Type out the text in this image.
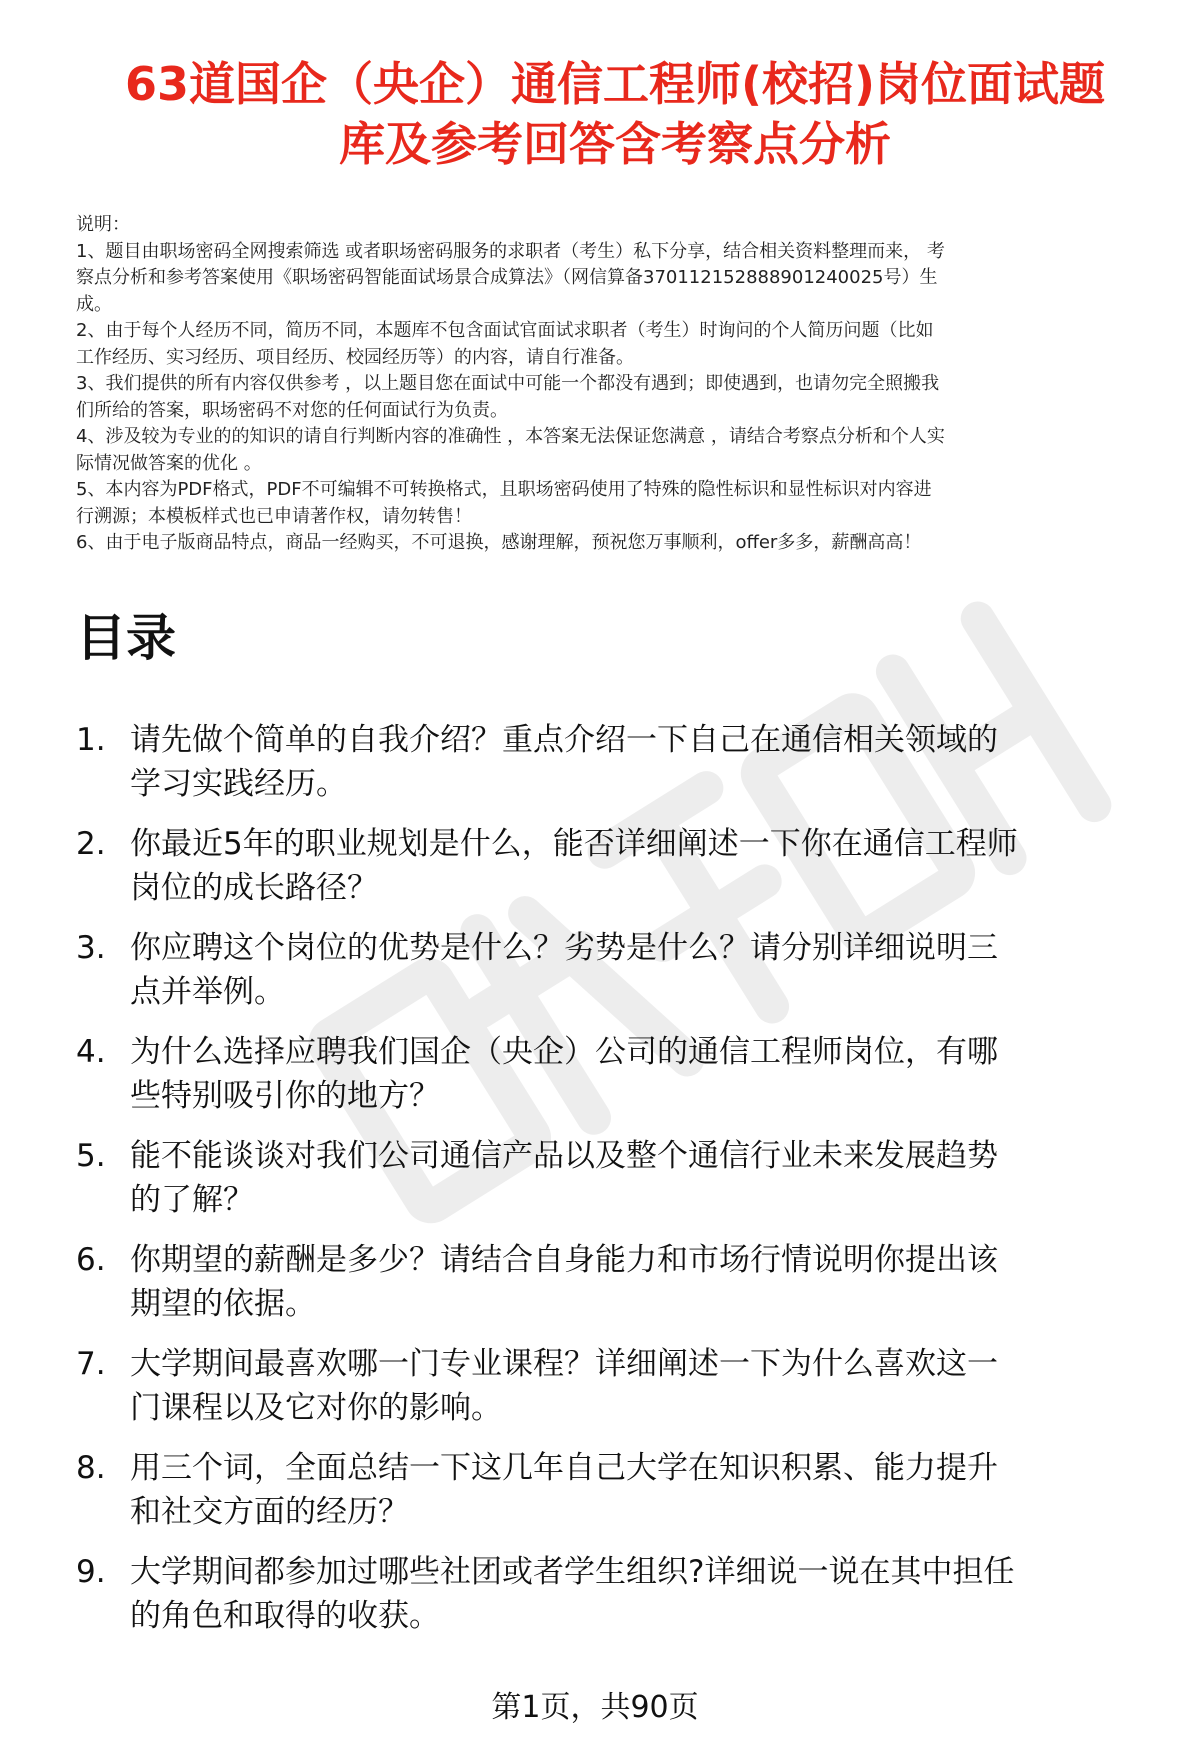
63道国企（央企）通信工程师(校招)岗位面试题
库及参考回答含考察点分析

说明：

1、题目由职场密码全网搜索筛选 或者职场密码服务的求职者（考生）私下分享，结合相关资料整理而来， 考

察点分析和参考答案使用《职场密码智能面试场景合成算法》（网信算备370112152888901240025号）生

成。

2、由于每个人经历不同，简历不同，本题库不包含面试官面试求职者（考生）时询问的个人简历问题（比如

工作经历、实习经历、项目经历、校园经历等）的内容，请自行准备。

3、我们提供的所有内容仅供参考 ，以上题目您在面试中可能一个都没有遇到；即使遇到，也请勿完全照搬我

们所给的答案，职场密码不对您的任何面试行为负责。

4、涉及较为专业的的知识的请自行判断内容的准确性 ，本答案无法保证您满意 ，请结合考察点分析和个人实

际情况做答案的优化 。

5、本内容为PDF格式，PDF不可编辑不可转换格式，且职场密码使用了特殊的隐性标识和显性标识对内容进

行溯源；本模板样式也已申请著作权，请勿转售！

6、由于电子版商品特点，商品一经购买，不可退换，感谢理解，预祝您万事顺利，offer多多，薪酬高高！

目录
1. 请先做个简单的自我介绍？重点介绍一下自己在通信相关领域的
学习实践经历。
2. 你最近5年的职业规划是什么，能否详细阐述一下你在通信工程师
岗位的成长路径？
3. 你应聘这个岗位的优势是什么？劣势是什么？请分别详细说明三
点并举例。
4. 为什么选择应聘我们国企（央企）公司的通信工程师岗位，有哪
些特别吸引你的地方？
5. 能不能谈谈对我们公司通信产品以及整个通信行业未来发展趋势
的了解？
6. 你期望的薪酬是多少？请结合自身能力和市场行情说明你提出该
期望的依据。
7. 大学期间最喜欢哪一门专业课程？详细阐述一下为什么喜欢这一
门课程以及它对你的影响。
8. 用三个词，全面总结一下这几年自己大学在知识积累、能力提升
和社交方面的经历？
9. 大学期间都参加过哪些社团或者学生组织?详细说一说在其中担任
的角色和取得的收获。
第1页，共90页
